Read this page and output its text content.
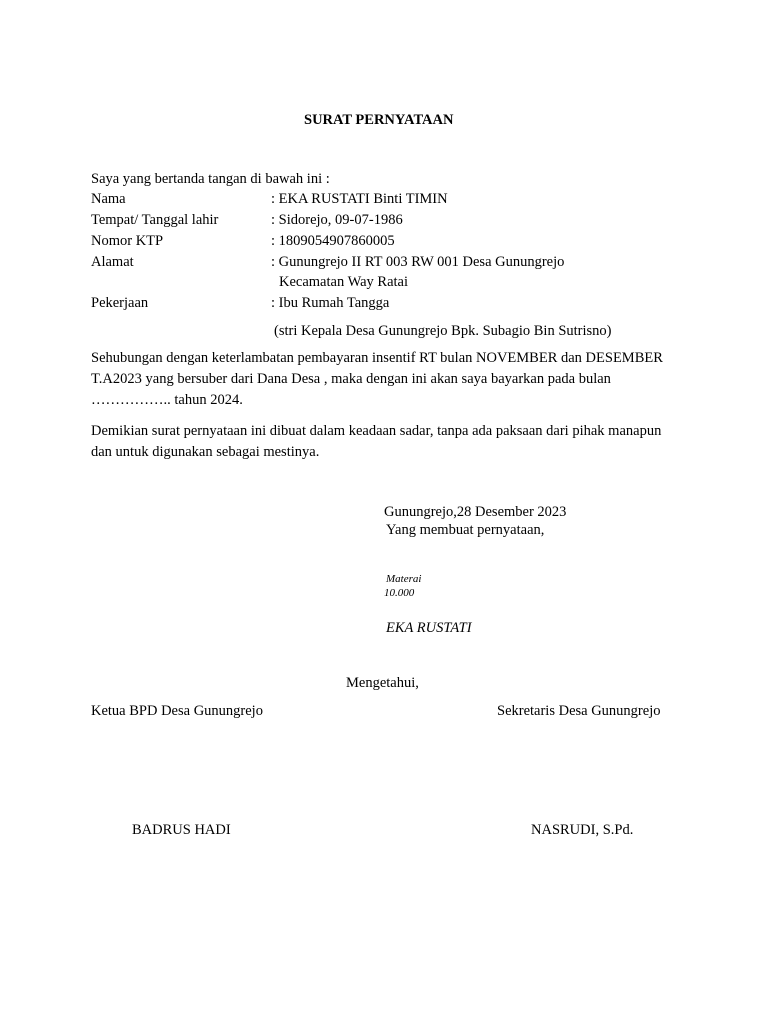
SURAT PERNYATAAN
Saya yang bertanda tangan di bawah ini :
Nama	: EKA RUSTATI Binti TIMIN
Tempat/ Tanggal lahir	: Sidorejo, 09-07-1986
Nomor KTP	: 1809054907860005
Alamat	: Gunungrejo II RT 003 RW 001 Desa Gunungrejo
Kecamatan Way Ratai
Pekerjaan	: Ibu Rumah Tangga
(stri Kepala Desa Gunungrejo Bpk. Subagio Bin Sutrisno)
Sehubungan dengan keterlambatan pembayaran insentif RT bulan NOVEMBER dan DESEMBER T.A2023 yang bersuber dari Dana Desa , maka dengan ini akan saya bayarkan pada bulan …………….. tahun 2024.
Demikian surat pernyataan ini dibuat dalam keadaan sadar, tanpa ada paksaan dari pihak manapun dan untuk digunakan sebagai mestinya.
Gunungrejo,28 Desember 2023
Yang membuat pernyataan,
Materai
10.000
EKA RUSTATI
Mengetahui,
Ketua BPD Desa Gunungrejo	Sekretaris Desa Gunungrejo
BADRUS HADI	NASRUDI, S.Pd.
